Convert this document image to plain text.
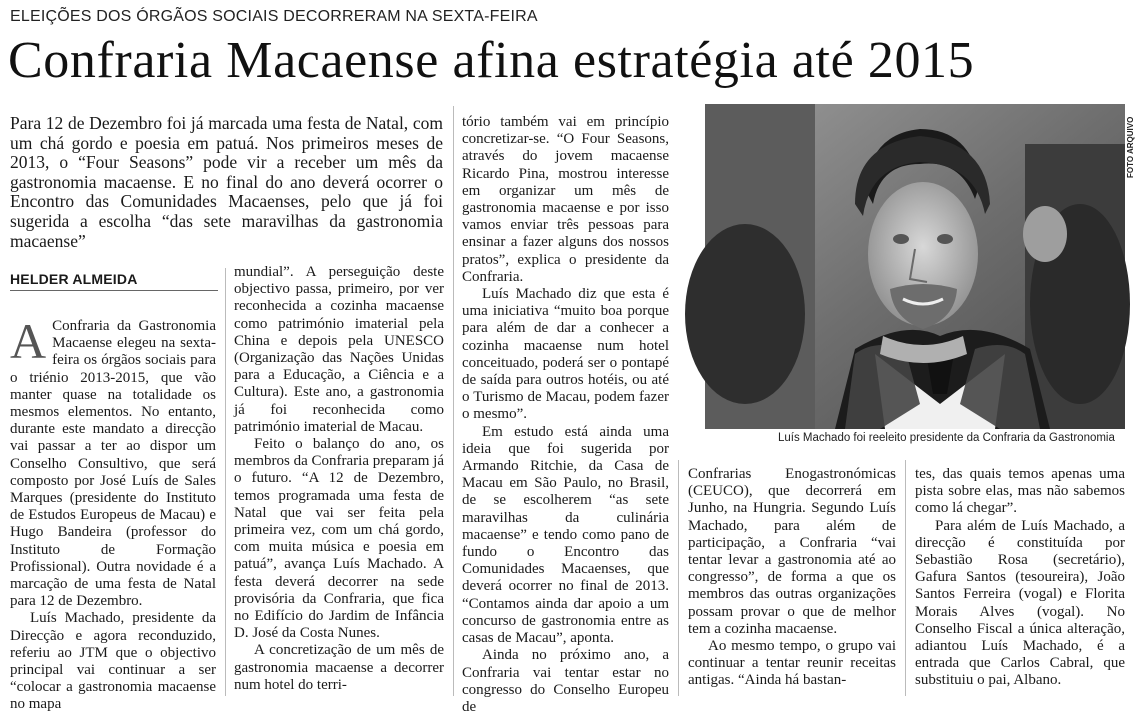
ELEIÇÕES DOS ÓRGÃOS SOCIAIS DECORRERAM NA SEXTA-FEIRA
Confraria Macaense afina estratégia até 2015
Para 12 de Dezembro foi já marcada uma festa de Natal, com um chá gordo e poesia em patuá. Nos primeiros meses de 2013, o “Four Seasons” pode vir a receber um mês da gastronomia macaense. E no final do ano deverá ocorrer o Encontro das Comunidades Macaenses, pelo que já foi sugerida a escolha “das sete maravilhas da gastronomia macaense”
HELDER ALMEIDA

A Confraria da Gastronomia Macaense elegeu na sexta-feira os órgãos sociais para o triénio 2013-2015, que vão manter quase na totalidade os mesmos elementos. No entanto, durante este mandato a direcção vai passar a ter ao dispor um Conselho Consultivo, que será composto por José Luís de Sales Marques (presidente do Instituto de Estudos Europeus de Macau) e Hugo Bandeira (professor do Instituto de Formação Profissional). Outra novidade é a marcação de uma festa de Natal para 12 de Dezembro.

Luís Machado, presidente da Direcção e agora reconduzido, referiu ao JTM que o objectivo principal vai continuar a ser “colocar a gastronomia macaense no mapa

mundial”. A perseguição deste objectivo passa, primeiro, por ver reconhecida a cozinha macaense como património imaterial pela China e depois pela UNESCO (Organização das Nações Unidas para a Educação, a Ciência e a Cultura). Este ano, a gastronomia já foi reconhecida como património imaterial de Macau.

Feito o balanço do ano, os membros da Confraria preparam já o futuro. “A 12 de Dezembro, temos programada uma festa de Natal que vai ser feita pela primeira vez, com um chá gordo, com muita música e poesia em patuá”, avança Luís Machado. A festa deverá decorrer na sede provisória da Confraria, que fica no Edifício do Jardim de Infância D. José da Costa Nunes.

A concretização de um mês de gastronomia macaense a decorrer num hotel do terri-

tório também vai em princípio concretizar-se. “O Four Seasons, através do jovem macaense Ricardo Pina, mostrou interesse em organizar um mês de gastronomia macaense e por isso vamos enviar três pessoas para ensinar a fazer alguns dos nossos pratos”, explica o presidente da Confraria.

Luís Machado diz que esta é uma iniciativa “muito boa porque para além de dar a conhecer a cozinha macaense num hotel conceituado, poderá ser o pontapé de saída para outros hotéis, ou até o Turismo de Macau, podem fazer o mesmo”.

Em estudo está ainda uma ideia que foi sugerida por Armando Ritchie, da Casa de Macau em São Paulo, no Brasil, de se escolherem “as sete maravilhas da culinária macaense” e tendo como pano de fundo o Encontro das Comunidades Macaenses, que deverá ocorrer no final de 2013. “Contamos ainda dar apoio a um concurso de gastronomia entre as casas de Macau”, aponta.

Ainda no próximo ano, a Confraria vai tentar estar no congresso do Conselho Europeu de

FOTO ARQUIVO
Luís Machado foi reeleito presidente da Confraria da Gastronomia

Confrarias Enogastronómicas (CEUCO), que decorrerá em Junho, na Hungria. Segundo Luís Machado, para além de participação, a Confraria “vai tentar levar a gastronomia até ao congresso”, de forma a que os membros das outras organizações possam provar o que de melhor tem a cozinha macaense.

Ao mesmo tempo, o grupo vai continuar a tentar reunir receitas antigas. “Ainda há bastan-

tes, das quais temos apenas uma pista sobre elas, mas não sabemos como lá chegar”.

Para além de Luís Machado, a direcção é constituída por Sebastião Rosa (secretário), Gafura Santos (tesoureira), João Santos Ferreira (vogal) e Florita Morais Alves (vogal). No Conselho Fiscal a única alteração, adiantou Luís Machado, é a entrada que Carlos Cabral, que substituiu o pai, Albano.
